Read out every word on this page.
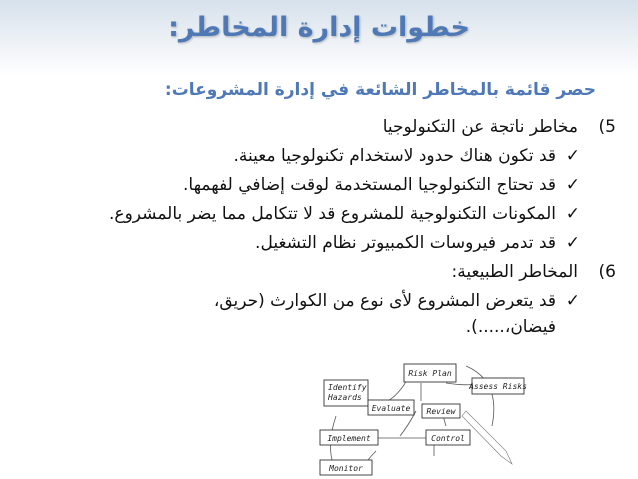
خطوات إدارة المخاطر:
حصر قائمة بالمخاطر الشائعة في إدارة المشروعات:
5)
مخاطر ناتجة عن التكنولوجيا
✓
قد تكون هناك حدود لاستخدام تكنولوجيا معينة.
✓
قد تحتاج التكنولوجيا المستخدمة لوقت إضافي لفهمها.
✓
المكونات التكنولوجية للمشروع قد لا تتكامل مما يضر بالمشروع.
✓
قد تدمر فيروسات الكمبيوتر نظام التشغيل.
6)
المخاطر الطبيعية:
✓
قد يتعرض المشروع لأى نوع من الكوارث (حريق،
فيضان،.....).
Risk Plan
Identify
Hazards
Assess Risks
Evaluate Review
Implement	Control
Monitor
